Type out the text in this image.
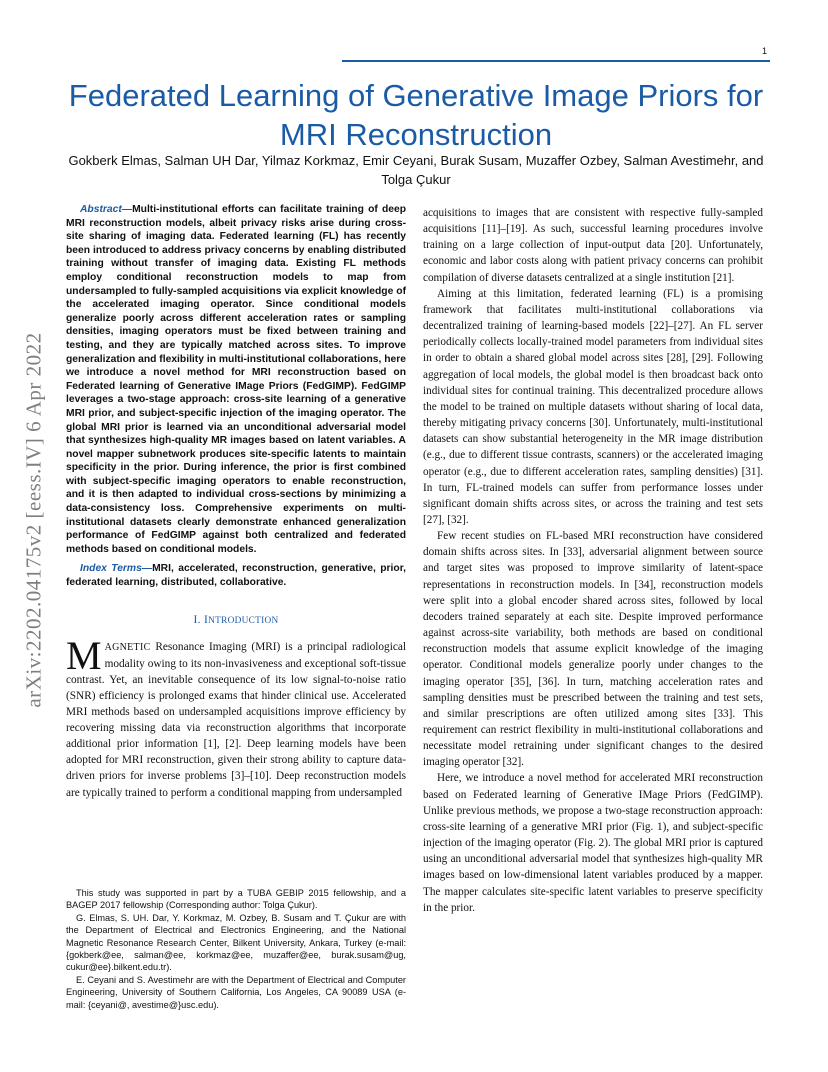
1
arXiv:2202.04175v2 [eess.IV] 6 Apr 2022
Federated Learning of Generative Image Priors for MRI Reconstruction
Gokberk Elmas, Salman UH Dar, Yilmaz Korkmaz, Emir Ceyani, Burak Susam, Muzaffer Ozbey, Salman Avestimehr, and Tolga Çukur

Abstract—Multi-institutional efforts can facilitate training of deep MRI reconstruction models, albeit privacy risks arise during cross-site sharing of imaging data. Federated learning (FL) has recently been introduced to address privacy concerns by enabling distributed training without transfer of imaging data. Existing FL methods employ conditional reconstruction models to map from undersampled to fully-sampled acquisitions via explicit knowledge of the accelerated imaging operator. Since conditional models generalize poorly across different acceleration rates or sampling densities, imaging operators must be fixed between training and testing, and they are typically matched across sites. To improve generalization and flexibility in multi-institutional collaborations, here we introduce a novel method for MRI reconstruction based on Federated learning of Generative IMage Priors (FedGIMP). FedGIMP leverages a two-stage approach: cross-site learning of a generative MRI prior, and subject-specific injection of the imaging operator. The global MRI prior is learned via an unconditional adversarial model that synthesizes high-quality MR images based on latent variables. A novel mapper subnetwork produces site-specific latents to maintain specificity in the prior. During inference, the prior is first combined with subject-specific imaging operators to enable reconstruction, and it is then adapted to individual cross-sections by minimizing a data-consistency loss. Comprehensive experiments on multi-institutional datasets clearly demonstrate enhanced generalization performance of FedGIMP against both centralized and federated methods based on conditional models.

Index Terms—MRI, accelerated, reconstruction, generative, prior, federated learning, distributed, collaborative.

I. INTRODUCTION

MAGNETIC Resonance Imaging (MRI) is a principal radiological modality owing to its non-invasiveness and exceptional soft-tissue contrast. Yet, an inevitable consequence of its low signal-to-noise ratio (SNR) efficiency is prolonged exams that hinder clinical use. Accelerated MRI methods based on undersampled acquisitions improve efficiency by recovering missing data via reconstruction algorithms that incorporate additional prior information [1], [2]. Deep learning models have been adopted for MRI reconstruction, given their strong ability to capture data-driven priors for inverse problems [3]–[10]. Deep reconstruction models are typically trained to perform a conditional mapping from undersampled

This study was supported in part by a TUBA GEBIP 2015 fellowship, and a BAGEP 2017 fellowship (Corresponding author: Tolga Çukur).

G. Elmas, S. UH. Dar, Y. Korkmaz, M. Ozbey, B. Susam and T. Çukur are with the Department of Electrical and Electronics Engineering, and the National Magnetic Resonance Research Center, Bilkent University, Ankara, Turkey (e-mail: {gokberk@ee, salman@ee, korkmaz@ee, muzaffer@ee, burak.susam@ug, cukur@ee}.bilkent.edu.tr).

E. Ceyani and S. Avestimehr are with the Department of Electrical and Computer Engineering, University of Southern California, Los Angeles, CA 90089 USA (e-mail: {ceyani@, avestime@}usc.edu).

acquisitions to images that are consistent with respective fully-sampled acquisitions [11]–[19]. As such, successful learning procedures involve training on a large collection of input-output data [20]. Unfortunately, economic and labor costs along with patient privacy concerns can prohibit compilation of diverse datasets centralized at a single institution [21].

Aiming at this limitation, federated learning (FL) is a promising framework that facilitates multi-institutional collaborations via decentralized training of learning-based models [22]–[27]. An FL server periodically collects locally-trained model parameters from individual sites in order to obtain a shared global model across sites [28], [29]. Following aggregation of local models, the global model is then broadcast back onto individual sites for continual training. This decentralized procedure allows the model to be trained on multiple datasets without sharing of local data, thereby mitigating privacy concerns [30]. Unfortunately, multi-institutional datasets can show substantial heterogeneity in the MR image distribution (e.g., due to different tissue contrasts, scanners) or the accelerated imaging operator (e.g., due to different acceleration rates, sampling densities) [31]. In turn, FL-trained models can suffer from performance losses under significant domain shifts across sites, or across the training and test sets [27], [32].

Few recent studies on FL-based MRI reconstruction have considered domain shifts across sites. In [33], adversarial alignment between source and target sites was proposed to improve similarity of latent-space representations in reconstruction models. In [34], reconstruction models were split into a global encoder shared across sites, followed by local decoders trained separately at each site. Despite improved performance against across-site variability, both methods are based on conditional reconstruction models that assume explicit knowledge of the imaging operator. Conditional models generalize poorly under changes to the imaging operator [35], [36]. In turn, matching acceleration rates and sampling densities must be prescribed between the training and test sets, and similar prescriptions are often utilized among sites [33]. This requirement can restrict flexibility in multi-institutional collaborations and necessitate model retraining under significant changes to the desired imaging operator [32].

Here, we introduce a novel method for accelerated MRI reconstruction based on Federated learning of Generative IMage Priors (FedGIMP). Unlike previous methods, we propose a two-stage reconstruction approach: cross-site learning of a generative MRI prior (Fig. 1), and subject-specific injection of the imaging operator (Fig. 2). The global MRI prior is captured using an unconditional adversarial model that synthesizes high-quality MR images based on low-dimensional latent variables produced by a mapper. The mapper calculates site-specific latent variables to preserve specificity in the prior.
